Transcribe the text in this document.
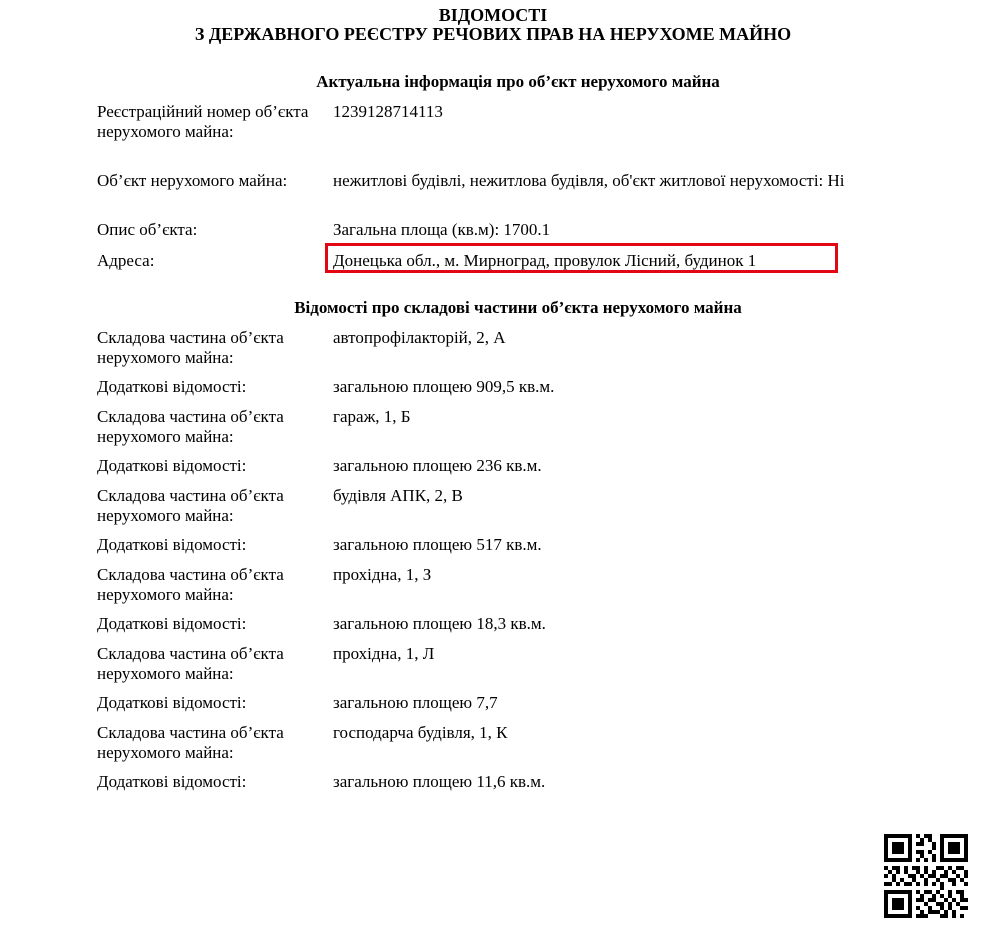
ВІДОМОСТІ
З ДЕРЖАВНОГО РЕЄСТРУ РЕЧОВИХ ПРАВ НА НЕРУХОМЕ МАЙНО
Актуальна інформація про об’єкт нерухомого майна
Реєстраційний номер об’єкта нерухомого майна:
1239128714113
Об’єкт нерухомого майна:	нежитлові будівлі, нежитлова будівля, об'єкт житлової нерухомості: Ні
Опис об’єкта:	Загальна площа (кв.м): 1700.1
Адреса:	Донецька обл., м. Мирноград, провулок Лісний, будинок 1
Відомості про складові частини об’єкта нерухомого майна
Складова частина об’єкта нерухомого майна:
автопрофілакторій, 2, А
Додаткові відомості:	загальною площею 909,5 кв.м.
Складова частина об’єкта нерухомого майна:
гараж, 1, Б
Додаткові відомості:	загальною площею 236 кв.м.
Складова частина об’єкта нерухомого майна:
будівля АПК, 2, В
Додаткові відомості:	загальною площею 517 кв.м.
Складова частина об’єкта нерухомого майна:
прохідна, 1, З
Додаткові відомості:	загальною площею 18,3 кв.м.
Складова частина об’єкта нерухомого майна:
прохідна, 1, Л
Додаткові відомості:	загальною площею 7,7
Складова частина об’єкта нерухомого майна:
господарча будівля, 1, К
Додаткові відомості:	загальною площею 11,6 кв.м.
